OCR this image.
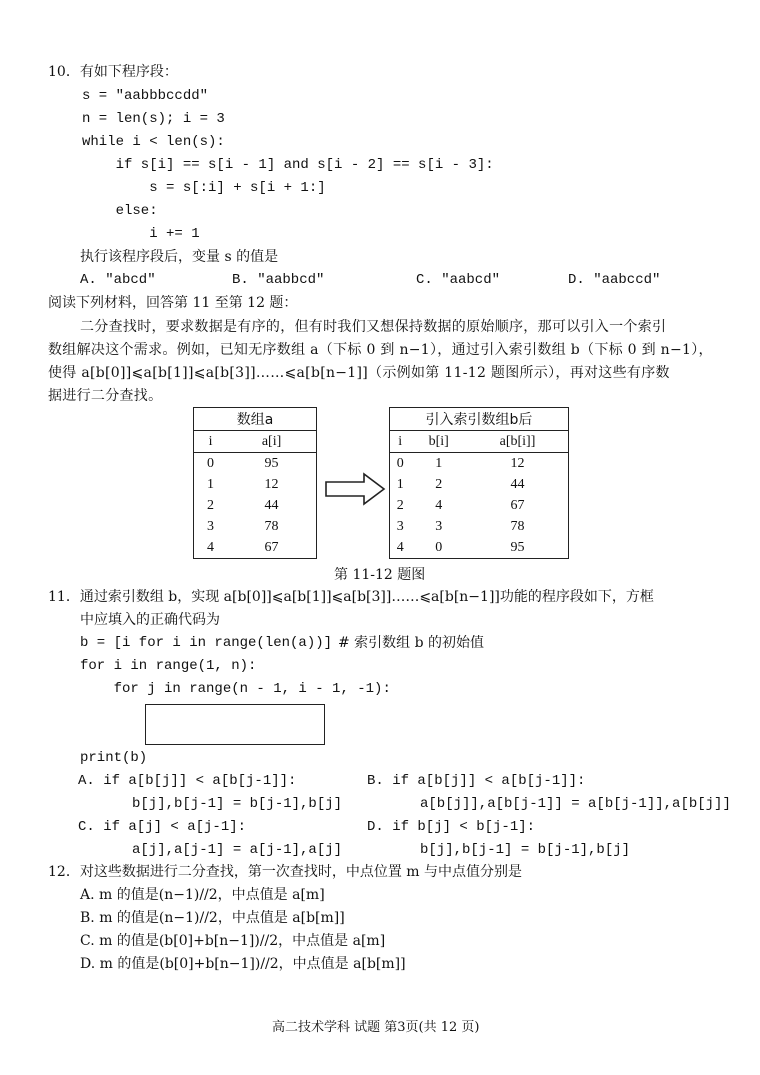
10．有如下程序段：
s = "aabbbccdd"
n = len(s); i = 3
while i < len(s):
if s[i] == s[i - 1] and s[i - 2] == s[i - 3]:
s = s[:i] + s[i + 1:]
else:
i += 1
执行该程序段后，变量 s 的值是
A. "abcd"	B. "aabbcd"	C. "aabcd"	D. "aabccd"
阅读下列材料，回答第 11 至第 12 题：
二分查找时，要求数据是有序的，但有时我们又想保持数据的原始顺序，那可以引入一个索引
数组解决这个需求。例如，已知无序数组 a（下标 0 到 n−1），通过引入索引数组 b（下标 0 到 n−1），
使得 a[b[0]]⩽a[b[1]]⩽a[b[3]]……⩽a[b[n−1]]（示例如第 11-12 题图所示），再对这些有序数
据进行二分查找。
数组a	
i	a[i]
0	95
1	12
2	44
3	78
4	67
引入索引数组b后		
i	b[i]	a[b[i]]
0	1	12
1	2	44
2	4	67
3	3	78
4	0	95
第 11-12 题图
11．通过索引数组 b，实现 a[b[0]]⩽a[b[1]]⩽a[b[3]]……⩽a[b[n−1]]功能的程序段如下，方框
中应填入的正确代码为
b = [i for i in range(len(a))] # 索引数组 b 的初始值
for i in range(1, n):
for j in range(n - 1, i - 1, -1):
print(b)
A. if a[b[j]] < a[b[j-1]]:
b[j],b[j-1] = b[j-1],b[j]
B. if a[b[j]] < a[b[j-1]]:
a[b[j]],a[b[j-1]] = a[b[j-1]],a[b[j]]
C. if a[j] < a[j-1]:
a[j],a[j-1] = a[j-1],a[j]
D. if b[j] < b[j-1]:
b[j],b[j-1] = b[j-1],b[j]
12．对这些数据进行二分查找，第一次查找时，中点位置 m 与中点值分别是
A. m 的值是(n−1)//2，中点值是 a[m]
B. m 的值是(n−1)//2，中点值是 a[b[m]]
C. m 的值是(b[0]+b[n−1])//2，中点值是 a[m]
D. m 的值是(b[0]+b[n−1])//2，中点值是 a[b[m]]
高二技术学科 试题 第3页(共 12 页)
